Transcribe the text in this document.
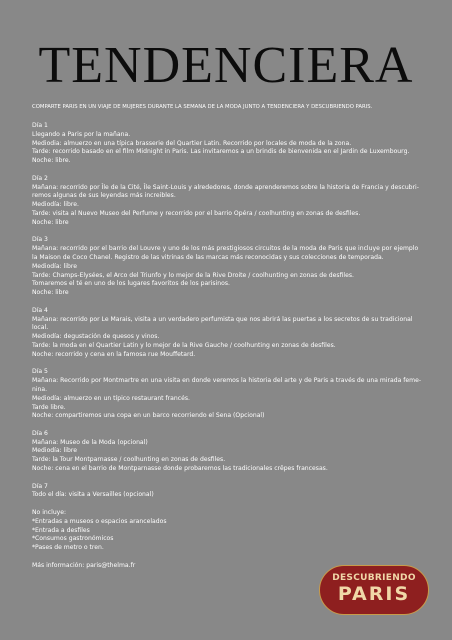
TENDENCIERA

COMPARTE PARIS EN UN VIAJE DE MUJERES DURANTE LA SEMANA DE LA MODA JUNTO A TENDENCIERA Y DESCUBRIENDO PARIS.

Día 1
Llegando a Paris por la mañana.
Mediodia: almuerzo en una típica brasserie del Quartier Latin. Recorrido por locales de moda de la zona.
Tarde: recorrido basado en el film Midnight in Paris. Las invitaremos a un brindis de bienvenida en el Jardin de Luxembourg.
Noche: libre.
Día 2
Mañana: recorrido por Île de la Cité, Île Saint-Louis y alrededores, donde aprenderemos sobre la historia de Francia y descubri-
remos algunas de sus leyendas más increibles.
Mediodía: libre.
Tarde: visita al Nuevo Museo del Perfume y recorrido por el barrio Opéra / coolhunting en zonas de desfiles.
Noche: libre
Día 3
Mañana: recorrido por el barrio del Louvre y uno de los más prestigiosos circuitos de la moda de Paris que incluye por ejemplo
la Maison de Coco Chanel. Registro de las vitrinas de las marcas más reconocidas y sus colecciones de temporada.
Mediodía: libre
Tarde: Champs-Elysées, el Arco del Triunfo y lo mejor de la Rive Droite / coolhunting en zonas de desfiles.
Tomaremos el té en uno de los lugares favoritos de los parisinos.
Noche: libre
Día 4
Mañana: recorrido por Le Marais, visita a un verdadero perfumista que nos abrirá las puertas a los secretos de su tradicional
local.
Mediodía: degustación de quesos y vinos.
Tarde: la moda en el Quartier Latin y lo mejor de la Rive Gauche / coolhunting en zonas de desfiles.
Noche: recorrido y cena en la famosa rue Mouffetard.
Día 5
Mañana: Recorrido por Montmartre en una visita en donde veremos la historia del arte y de Paris a través de una mirada feme-
nina.
Mediodía: almuerzo en un típico restaurant francés.
Tarde libre.
Noche: compartiremos una copa en un barco recorriendo el Sena (Opcional)
Día 6
Mañana: Museo de la Moda (opcional)
Mediodía: libre
Tarde: la Tour Montparnasse / coolhunting en zonas de desfiles.
Noche: cena en el barrio de Montparnasse donde probaremos las tradicionales crêpes francesas.
Día 7
Todo el día: visita a Versailles (opcional)
No incluye:
*Entradas a museos o espacios arancelados
*Entrada a desfiles
*Consumos gastronómicos
*Pases de metro o tren.
Más información: paris@thelma.fr
DESCUBRIENDO
PARIS
